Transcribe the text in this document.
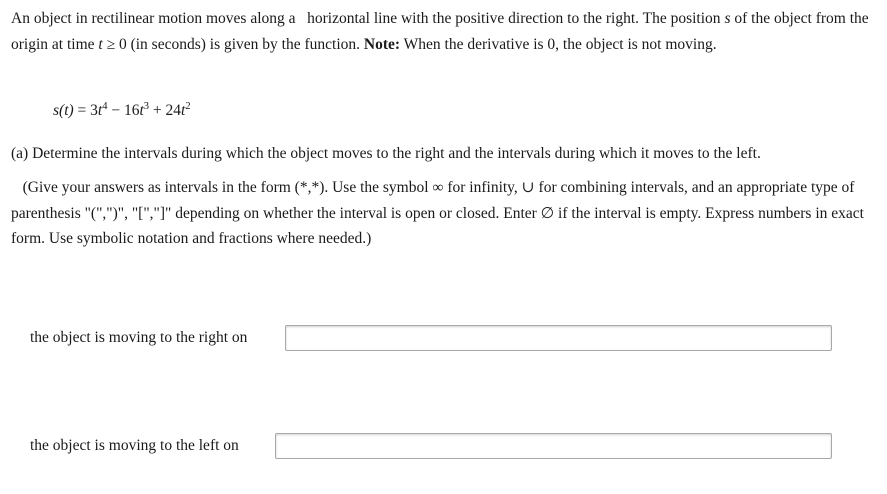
An object in rectilinear motion moves along a   horizontal line with the positive direction to the right. The position s of the object from the origin at time t ≥ 0 (in seconds) is given by the function. Note: When the derivative is 0, the object is not moving.

$s(t) = 3t^4 - 16t^3 + 24t^2$
(a) Determine the intervals during which the object moves to the right and the intervals during which it moves to the left.

(Give your answers as intervals in the form (*,*). Use the symbol ∞ for infinity, ∪ for combining intervals, and an appropriate type of parenthesis "(",")", "[","]" depending on whether the interval is open or closed. Enter ∅ if the interval is empty. Express numbers in exact form. Use symbolic notation and fractions where needed.)

the object is moving to the right on
the object is moving to the left on
